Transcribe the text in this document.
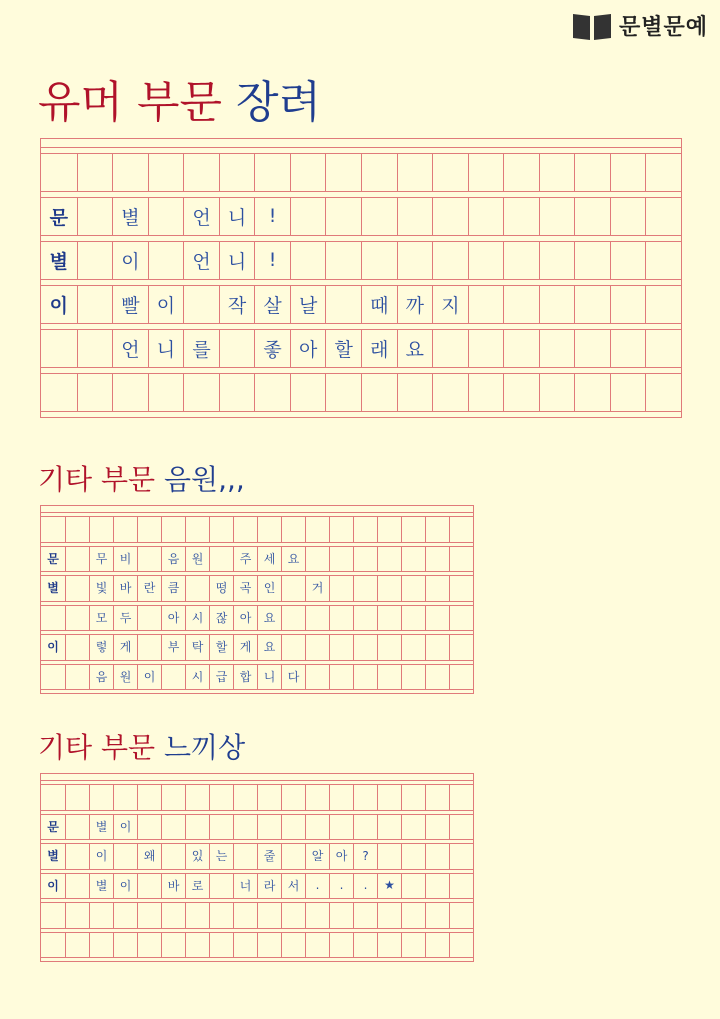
문별문예
유머 부문 장려
문	별	언 니	!
별	이	언 니	!
이	빨 이	작 살 날	때 까 지
언 니 를	좋 아 할 래 요
기타 부문 음원,,,
문	무	비	음	원	주	세	요
별	빛	바	란	큼	떵	곡	인	거
모	두	아	시	잖	아	요
이	렇	게	부	탁	할	게	요
음	원	이	시	급	합	니	다
기타 부문 느끼상
문	별	이
별	이	왜	있	는	줄	알	아	?
이	별	이	바	로	너	라	서	.	.	.	★
